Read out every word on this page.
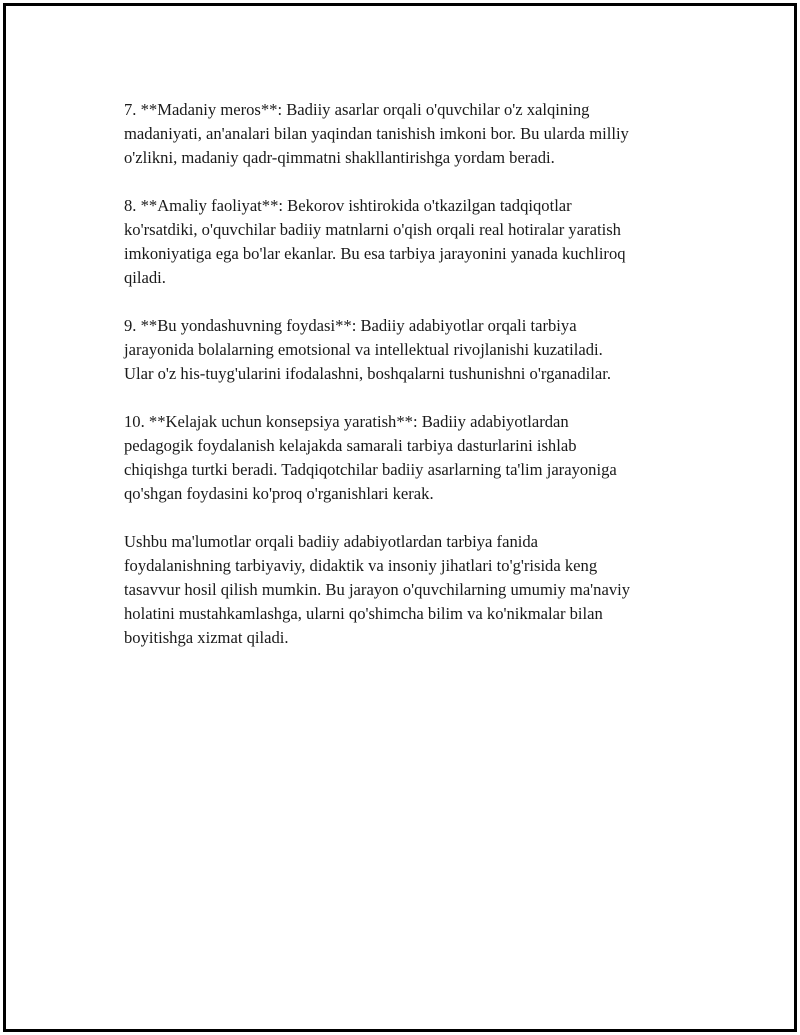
7. **Madaniy meros**: Badiiy asarlar orqali o'quvchilar o'z xalqining
madaniyati, an'analari bilan yaqindan tanishish imkoni bor. Bu ularda milliy
o'zlikni, madaniy qadr-qimmatni shakllantirishga yordam beradi.

8. **Amaliy faoliyat**: Bekorov ishtirokida o'tkazilgan tadqiqotlar
ko'rsatdiki, o'quvchilar badiiy matnlarni o'qish orqali real hotiralar yaratish
imkoniyatiga ega bo'lar ekanlar. Bu esa tarbiya jarayonini yanada kuchliroq
qiladi.

9. **Bu yondashuvning foydasi**: Badiiy adabiyotlar orqali tarbiya
jarayonida bolalarning emotsional va intellektual rivojlanishi kuzatiladi.
Ular o'z his-tuyg'ularini ifodalashni, boshqalarni tushunishni o'rganadilar.

10. **Kelajak uchun konsepsiya yaratish**: Badiiy adabiyotlardan
pedagogik foydalanish kelajakda samarali tarbiya dasturlarini ishlab
chiqishga turtki beradi. Tadqiqotchilar badiiy asarlarning ta'lim jarayoniga
qo'shgan foydasini ko'proq o'rganishlari kerak.

Ushbu ma'lumotlar orqali badiiy adabiyotlardan tarbiya fanida
foydalanishning tarbiyaviy, didaktik va insoniy jihatlari to'g'risida keng
tasavvur hosil qilish mumkin. Bu jarayon o'quvchilarning umumiy ma'naviy
holatini mustahkamlashga, ularni qo'shimcha bilim va ko'nikmalar bilan
boyitishga xizmat qiladi.
